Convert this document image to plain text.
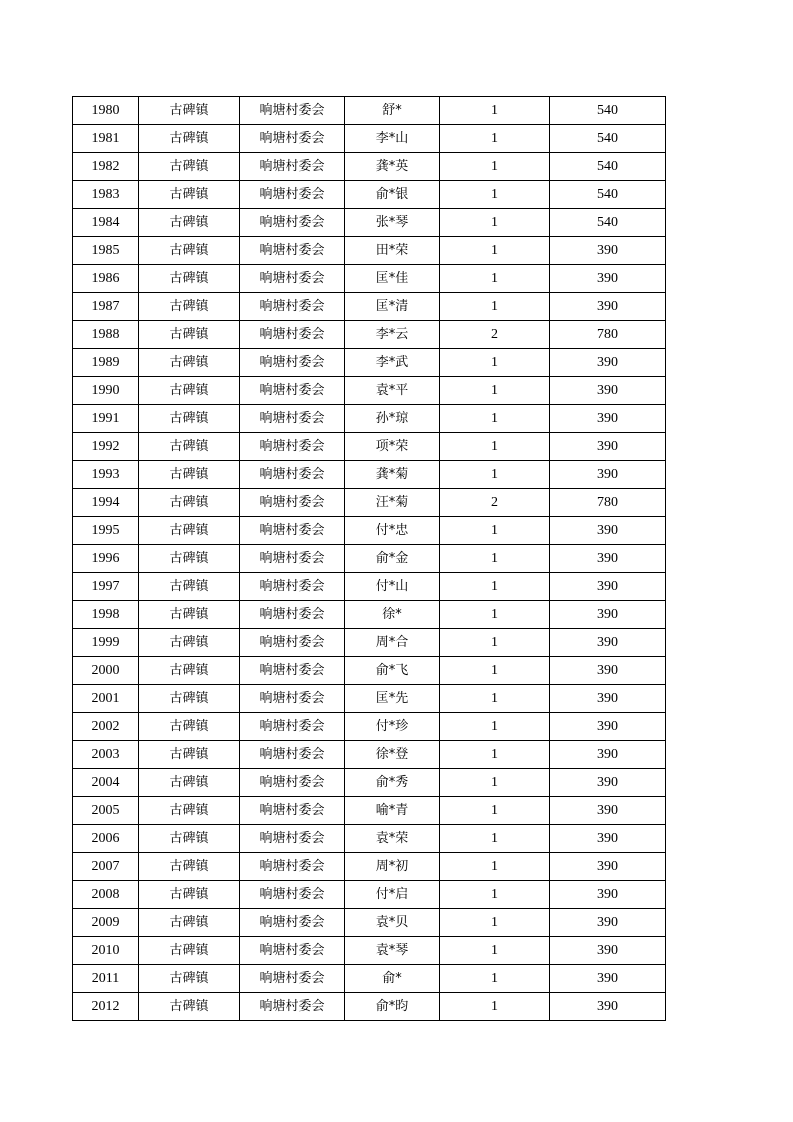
1980	古碑镇	响塘村委会	舒*	1	540
1981	古碑镇	响塘村委会	李*山	1	540
1982	古碑镇	响塘村委会	龚*英	1	540
1983	古碑镇	响塘村委会	俞*银	1	540
1984	古碑镇	响塘村委会	张*琴	1	540
1985	古碑镇	响塘村委会	田*荣	1	390
1986	古碑镇	响塘村委会	匡*佳	1	390
1987	古碑镇	响塘村委会	匡*清	1	390
1988	古碑镇	响塘村委会	李*云	2	780
1989	古碑镇	响塘村委会	李*武	1	390
1990	古碑镇	响塘村委会	袁*平	1	390
1991	古碑镇	响塘村委会	孙*琼	1	390
1992	古碑镇	响塘村委会	项*荣	1	390
1993	古碑镇	响塘村委会	龚*菊	1	390
1994	古碑镇	响塘村委会	汪*菊	2	780
1995	古碑镇	响塘村委会	付*忠	1	390
1996	古碑镇	响塘村委会	俞*金	1	390
1997	古碑镇	响塘村委会	付*山	1	390
1998	古碑镇	响塘村委会	徐*	1	390
1999	古碑镇	响塘村委会	周*合	1	390
2000	古碑镇	响塘村委会	俞*飞	1	390
2001	古碑镇	响塘村委会	匡*先	1	390
2002	古碑镇	响塘村委会	付*珍	1	390
2003	古碑镇	响塘村委会	徐*登	1	390
2004	古碑镇	响塘村委会	俞*秀	1	390
2005	古碑镇	响塘村委会	喻*青	1	390
2006	古碑镇	响塘村委会	袁*荣	1	390
2007	古碑镇	响塘村委会	周*初	1	390
2008	古碑镇	响塘村委会	付*启	1	390
2009	古碑镇	响塘村委会	袁*贝	1	390
2010	古碑镇	响塘村委会	袁*琴	1	390
2011	古碑镇	响塘村委会	俞*	1	390
2012	古碑镇	响塘村委会	俞*昀	1	390
